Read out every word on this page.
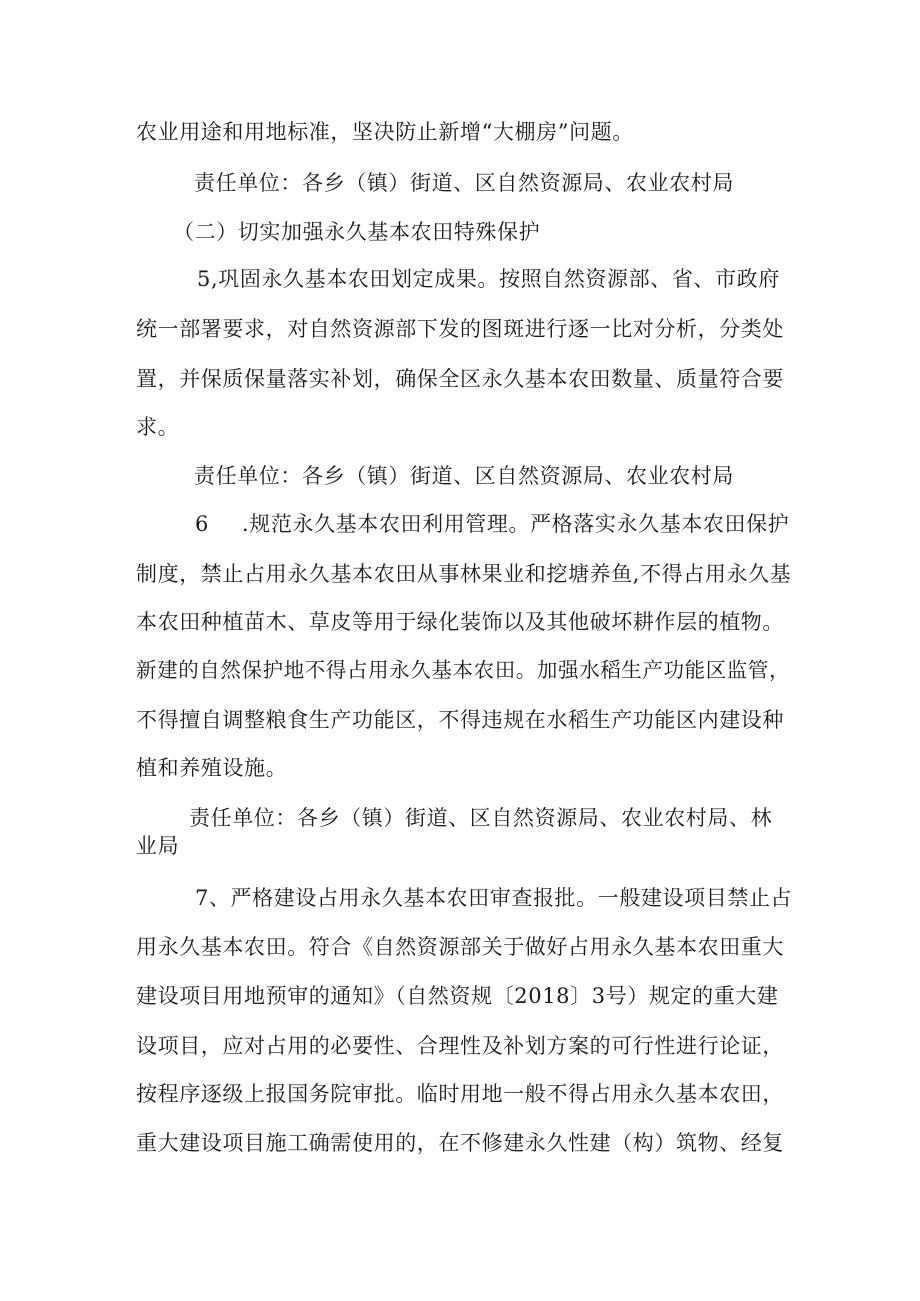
农业用途和用地标准，坚决防止新增“大棚房”问题。
责任单位：各乡（镇）街道、区自然资源局、农业农村局
（二）切实加强永久基本农田特殊保护
5,巩固永久基本农田划定成果。按照自然资源部、省、市政府
统一部署要求，对自然资源部下发的图斑进行逐一比对分析，分类处
置，并保质保量落实补划，确保全区永久基本农田数量、质量符合要
求。
责任单位：各乡（镇）街道、区自然资源局、农业农村局
6 .规范永久基本农田利用管理。严格落实永久基本农田保护
制度，禁止占用永久基本农田从事林果业和挖塘养鱼,不得占用永久基
本农田种植苗木、草皮等用于绿化装饰以及其他破坏耕作层的植物。
新建的自然保护地不得占用永久基本农田。加强水稻生产功能区监管，
不得擅自调整粮食生产功能区，不得违规在水稻生产功能区内建设种
植和养殖设施。
责任单位：各乡（镇）街道、区自然资源局、农业农村局、林
业局
7、严格建设占用永久基本农田审查报批。一般建设项目禁止占
用永久基本农田。符合《自然资源部关于做好占用永久基本农田重大
建设项目用地预审的通知》（自然资规〔2018〕3号）规定的重大建
设项目，应对占用的必要性、合理性及补划方案的可行性进行论证，
按程序逐级上报国务院审批。临时用地一般不得占用永久基本农田，
重大建设项目施工确需使用的，在不修建永久性建（构）筑物、经复
